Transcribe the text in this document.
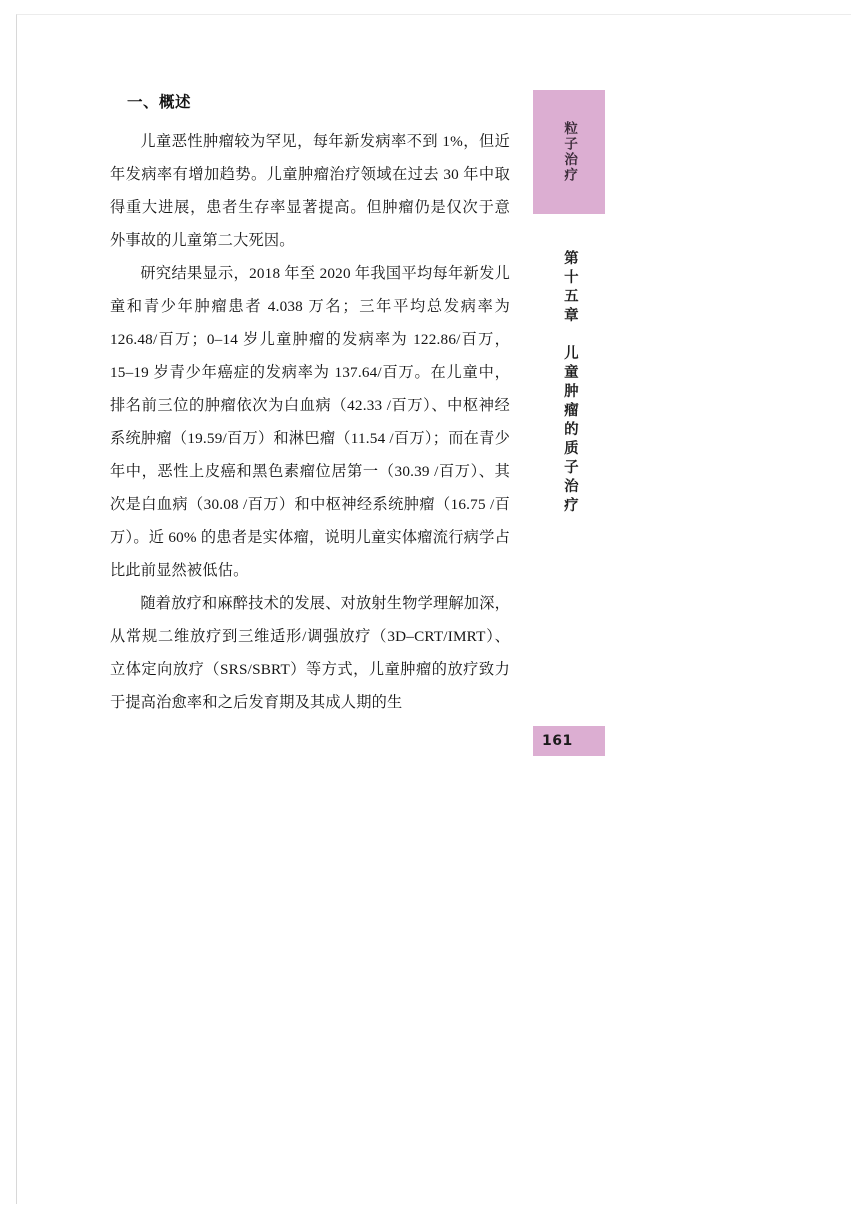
一、概述

儿童恶性肿瘤较为罕见，每年新发病率不到 1%，但近年发病率有增加趋势。儿童肿瘤治疗领域在过去 30 年中取得重大进展，患者生存率显著提高。但肿瘤仍是仅次于意外事故的儿童第二大死因。

研究结果显示，2018 年至 2020 年我国平均每年新发儿童和青少年肿瘤患者 4.038 万名；三年平均总发病率为 126.48/百万；0–14 岁儿童肿瘤的发病率为 122.86/百万，15–19 岁青少年癌症的发病率为 137.64/百万。在儿童中，排名前三位的肿瘤依次为白血病（42.33 /百万）、中枢神经系统肿瘤（19.59/百万）和淋巴瘤（11.54 /百万）；而在青少年中，恶性上皮癌和黑色素瘤位居第一（30.39 /百万）、其次是白血病（30.08 /百万）和中枢神经系统肿瘤（16.75 /百万）。近 60% 的患者是实体瘤，说明儿童实体瘤流行病学占比此前显然被低估。

随着放疗和麻醉技术的发展、对放射生物学理解加深，从常规二维放疗到三维适形/调强放疗（3D–CRT/IMRT）、立体定向放疗（SRS/SBRT）等方式，儿童肿瘤的放疗致力于提高治愈率和之后发育期及其成人期的生

粒子治疗
第十五章　儿童肿瘤的质子治疗
161
